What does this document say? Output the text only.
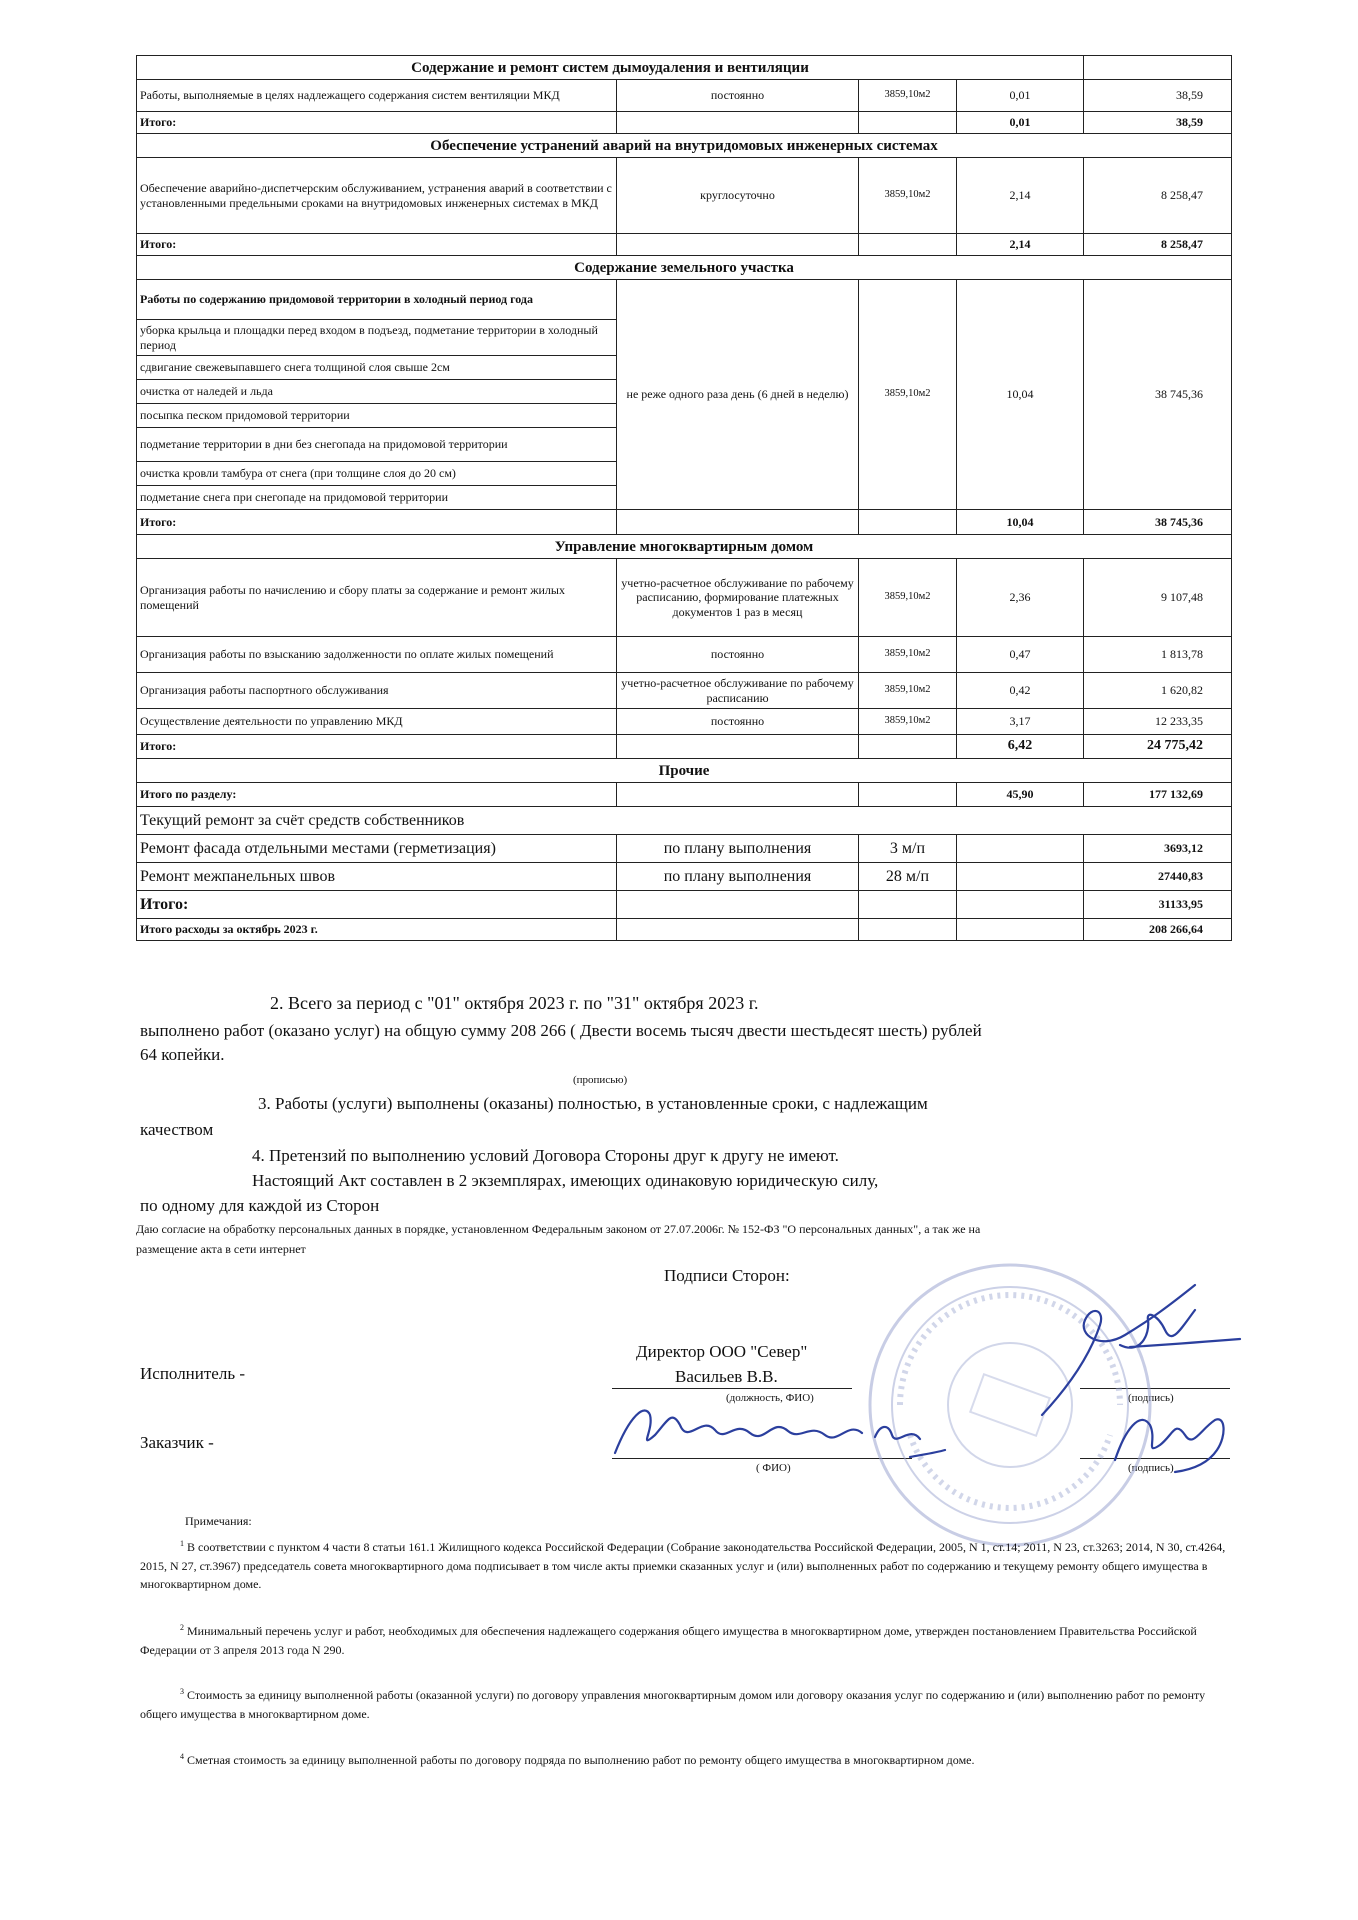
Содержание и ремонт систем дымоудаления и вентиляции				
Работы, выполняемые в целях надлежащего содержания систем вентиляции МКД	постоянно	3859,10м2	0,01	38,59
Итого:			0,01	38,59
Обеспечение устранений аварий на внутридомовых инженерных системах				
Обеспечение аварийно-диспетчерским обслуживанием, устранения аварий в соответствии с установленными предельными сроками на внутридомовых инженерных системах в МКД	круглосуточно	3859,10м2	2,14	8 258,47
Итого:			2,14	8 258,47
Содержание земельного участка				
Работы по содержанию придомовой территории в холодный период года	не реже одного раза день (6 дней в неделю)	3859,10м2	10,04	38 745,36
уборка крыльца и площадки перед входом в подъезд, подметание территории в холодный период				
сдвигание свежевыпавшего снега толщиной слоя свыше 2см				
очистка от наледей и льда				
посыпка песком придомовой территории				
подметание территории в дни без снегопада на придомовой территории				
очистка кровли тамбура от снега (при толщине слоя до 20 см)				
подметание снега при снегопаде на придомовой территории				
Итого:			10,04	38 745,36
Управление многоквартирным домом				
Организация работы по начислению и сбору платы за содержание и ремонт жилых помещений	учетно-расчетное обслуживание по рабочему расписанию, формирование платежных документов 1 раз в месяц	3859,10м2	2,36	9 107,48
Организация работы по взысканию задолженности по оплате жилых помещений	постоянно	3859,10м2	0,47	1 813,78
Организация работы паспортного обслуживания	учетно-расчетное обслуживание по рабочему расписанию	3859,10м2	0,42	1 620,82
Осуществление деятельности по управлению МКД	постоянно	3859,10м2	3,17	12 233,35
Итого:			6,42	24 775,42
Прочие				
Итого по разделу:			45,90	177 132,69
Текущий ремонт за счёт средств собственников				
Ремонт фасада отдельными местами (герметизация)	по плану выполнения	3 м/п		3693,12
Ремонт межпанельных швов	по плану выполнения	28 м/п		27440,83
Итого:				31133,95
Итого расходы за октябрь 2023 г.				208 266,64
2. Всего за период с "01" октября 2023 г. по "31" октября 2023 г.
выполнено работ (оказано услуг) на общую сумму 208 266 ( Двести восемь тысяч двести шестьдесят шесть) рублей
64 копейки.
(прописью)
3. Работы (услуги) выполнены (оказаны) полностью, в установленные сроки, с надлежащим
качеством
4. Претензий по выполнению условий Договора Стороны друг к другу не имеют.
Настоящий Акт составлен в 2 экземплярах, имеющих одинаковую юридическую силу,
по одному для каждой из Сторон
Даю согласие на обработку персональных данных в порядке, установленном Федеральным законом от 27.07.2006г. № 152-ФЗ "О персональных данных", а так же на
размещение акта в сети интернет
Подписи Сторон:
Исполнитель -
Директор ООО "Север"
Васильев В.В.
(должность, ФИО)	(подпись)
Заказчик -
( ФИО)	(подпись)
Примечания:
$^1$ В соответствии с пунктом 4 части 8 статьи 161.1 Жилищного кодекса Российской Федерации (Собрание законодательства Российской Федерации, 2005, N 1, ст.14; 2011, N 23, ст.3263; 2014, N 30, ст.4264, 2015, N 27, ст.3967) председатель совета многоквартирного дома подписывает в том числе акты приемки сказанных услуг и (или) выполненных работ по содержанию и текущему ремонту общего имущества в многоквартирном доме.
$^2$ Минимальный перечень услуг и работ, необходимых для обеспечения надлежащего содержания общего имущества в многоквартирном доме, утвержден постановлением Правительства Российской Федерации от 3 апреля 2013 года N 290.
$^3$ Стоимость за единицу выполненной работы (оказанной услуги) по договору управления многоквартирным домом или договору оказания услуг по содержанию и (или) выполнению работ по ремонту общего имущества в многоквартирном доме.
$^4$ Сметная стоимость за единицу выполненной работы по договору подряда по выполнению работ по ремонту общего имущества в многоквартирном доме.
